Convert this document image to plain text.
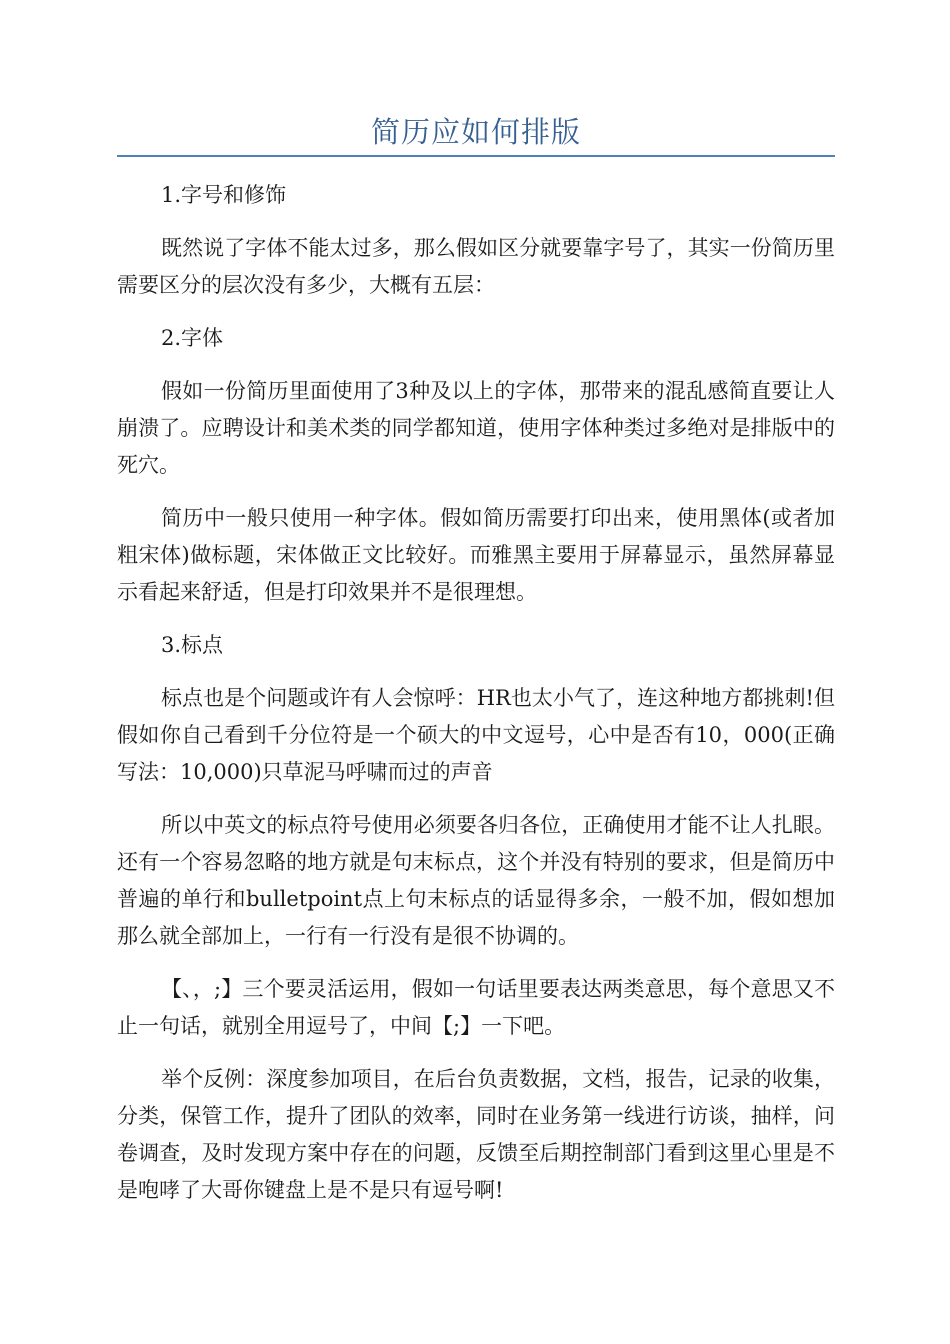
简历应如何排版

1.字号和修饰

既然说了字体不能太过多，那么假如区分就要靠字号了，其实一份简历里需要区分的层次没有多少，大概有五层：

2.字体

假如一份简历里面使用了3种及以上的字体，那带来的混乱感简直要让人崩溃了。应聘设计和美术类的同学都知道，使用字体种类过多绝对是排版中的死穴。

简历中一般只使用一种字体。假如简历需要打印出来，使用黑体(或者加粗宋体)做标题，宋体做正文比较好。而雅黑主要用于屏幕显示，虽然屏幕显示看起来舒适，但是打印效果并不是很理想。

3.标点

标点也是个问题或许有人会惊呼：HR也太小气了，连这种地方都挑刺!但假如你自己看到千分位符是一个硕大的中文逗号，心中是否有10，000(正确写法：10,000)只草泥马呼啸而过的声音

所以中英文的标点符号使用必须要各归各位，正确使用才能不让人扎眼。还有一个容易忽略的地方就是句末标点，这个并没有特别的要求，但是简历中普遍的单行和bulletpoint点上句末标点的话显得多余，一般不加，假如想加那么就全部加上，一行有一行没有是很不协调的。

【、，;】三个要灵活运用，假如一句话里要表达两类意思，每个意思又不止一句话，就别全用逗号了，中间【;】一下吧。

举个反例：深度参加项目，在后台负责数据，文档，报告，记录的收集，分类，保管工作，提升了团队的效率，同时在业务第一线进行访谈，抽样，问卷调查，及时发现方案中存在的问题，反馈至后期控制部门看到这里心里是不是咆哮了大哥你键盘上是不是只有逗号啊!
